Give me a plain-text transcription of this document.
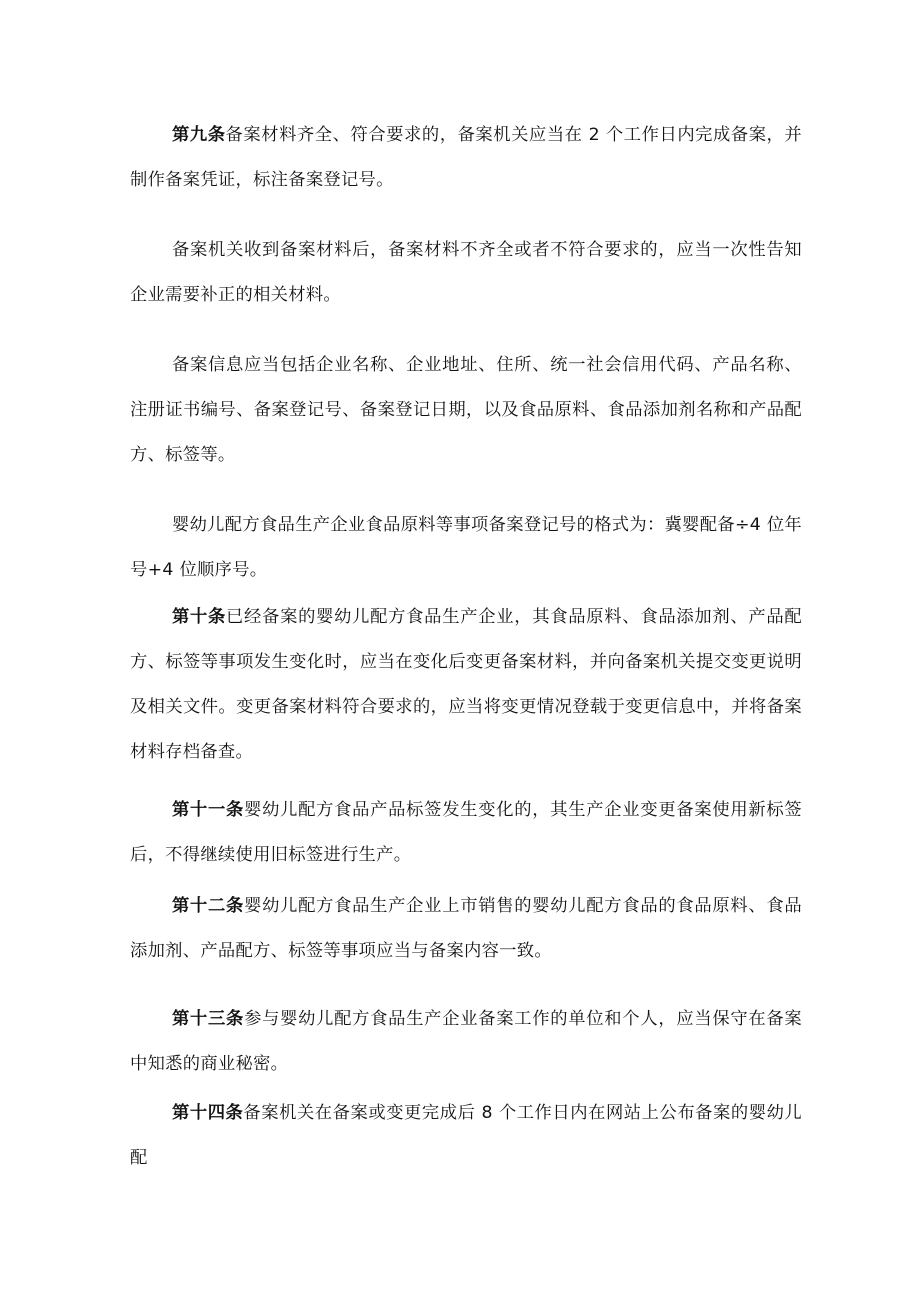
第九条备案材料齐全、符合要求的，备案机关应当在 2 个工作日内完成备案，并制作备案凭证，标注备案登记号。

备案机关收到备案材料后，备案材料不齐全或者不符合要求的，应当一次性告知企业需要补正的相关材料。

备案信息应当包括企业名称、企业地址、住所、统一社会信用代码、产品名称、注册证书编号、备案登记号、备案登记日期，以及食品原料、食品添加剂名称和产品配方、标签等。

婴幼儿配方食品生产企业食品原料等事项备案登记号的格式为：冀婴配备÷4 位年号+4 位顺序号。

第十条已经备案的婴幼儿配方食品生产企业，其食品原料、食品添加剂、产品配方、标签等事项发生变化时，应当在变化后变更备案材料，并向备案机关提交变更说明及相关文件。变更备案材料符合要求的，应当将变更情况登载于变更信息中，并将备案材料存档备查。

第十一条婴幼儿配方食品产品标签发生变化的，其生产企业变更备案使用新标签后，不得继续使用旧标签进行生产。

第十二条婴幼儿配方食品生产企业上市销售的婴幼儿配方食品的食品原料、食品添加剂、产品配方、标签等事项应当与备案内容一致。

第十三条参与婴幼儿配方食品生产企业备案工作的单位和个人，应当保守在备案中知悉的商业秘密。

第十四条备案机关在备案或变更完成后 8 个工作日内在网站上公布备案的婴幼儿配
